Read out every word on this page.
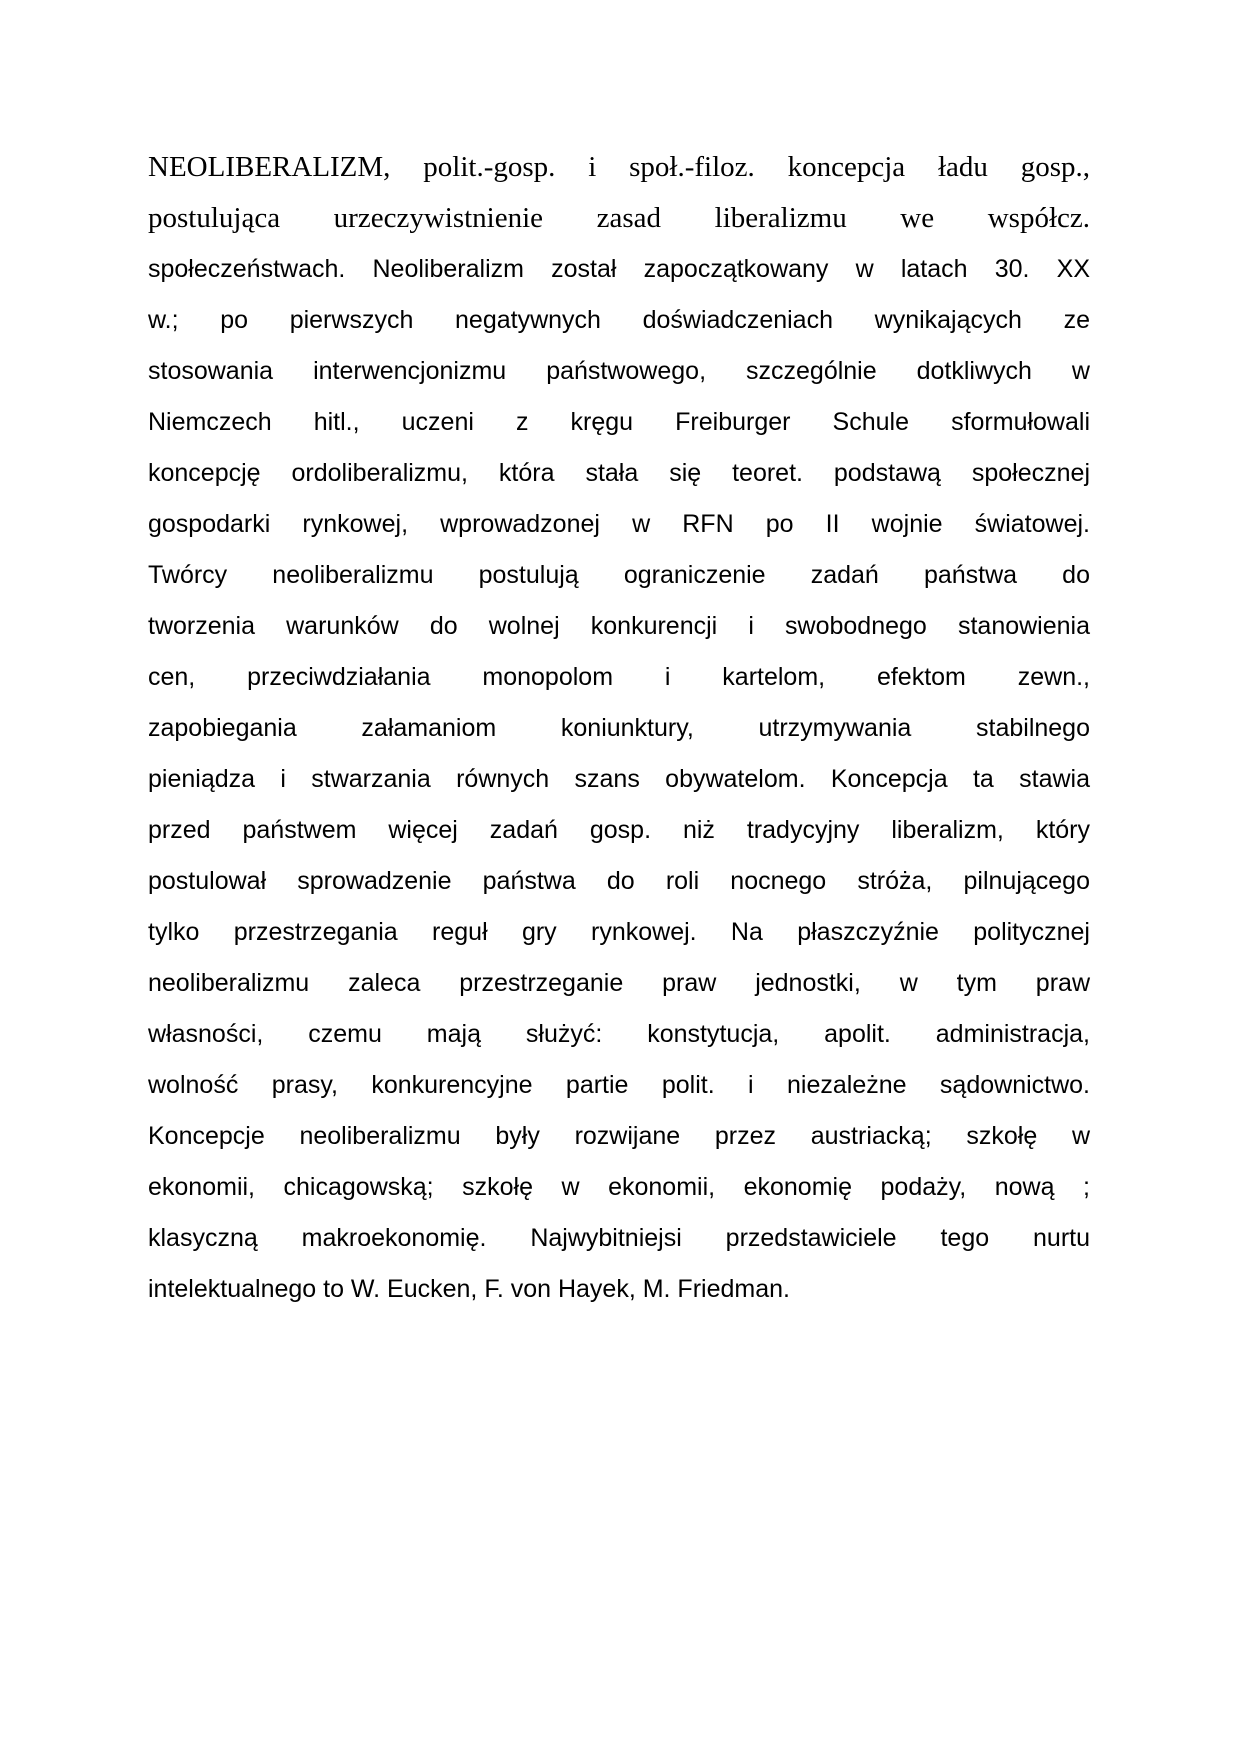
NEOLIBERALIZM, polit.-gosp. i społ.-filoz. koncepcja ładu gosp.,
postulująca urzeczywistnienie zasad liberalizmu we współcz.
społeczeństwach. Neoliberalizm został zapoczątkowany w latach 30. XX
w.; po pierwszych negatywnych doświadczeniach wynikających ze
stosowania interwencjonizmu państwowego, szczególnie dotkliwych w
Niemczech hitl., uczeni z kręgu Freiburger Schule sformułowali
koncepcję ordoliberalizmu, która stała się teoret. podstawą społecznej
gospodarki rynkowej, wprowadzonej w RFN po II wojnie światowej.
Twórcy neoliberalizmu postulują ograniczenie zadań państwa do
tworzenia warunków do wolnej konkurencji i swobodnego stanowienia
cen, przeciwdziałania monopolom i kartelom, efektom zewn.,
zapobiegania załamaniom koniunktury, utrzymywania stabilnego
pieniądza i stwarzania równych szans obywatelom. Koncepcja ta stawia
przed państwem więcej zadań gosp. niż tradycyjny liberalizm, który
postulował sprowadzenie państwa do roli nocnego stróża, pilnującego
tylko przestrzegania reguł gry rynkowej. Na płaszczyźnie politycznej
neoliberalizmu zaleca przestrzeganie praw jednostki, w tym praw
własności, czemu mają służyć: konstytucja, apolit. administracja,
wolność prasy, konkurencyjne partie polit. i niezależne sądownictwo.
Koncepcje neoliberalizmu były rozwijane przez austriacką; szkołę w
ekonomii, chicagowską; szkołę w ekonomii, ekonomię podaży, nową ;
klasyczną makroekonomię. Najwybitniejsi przedstawiciele tego nurtu
intelektualnego to W. Eucken, F. von Hayek, M. Friedman.
